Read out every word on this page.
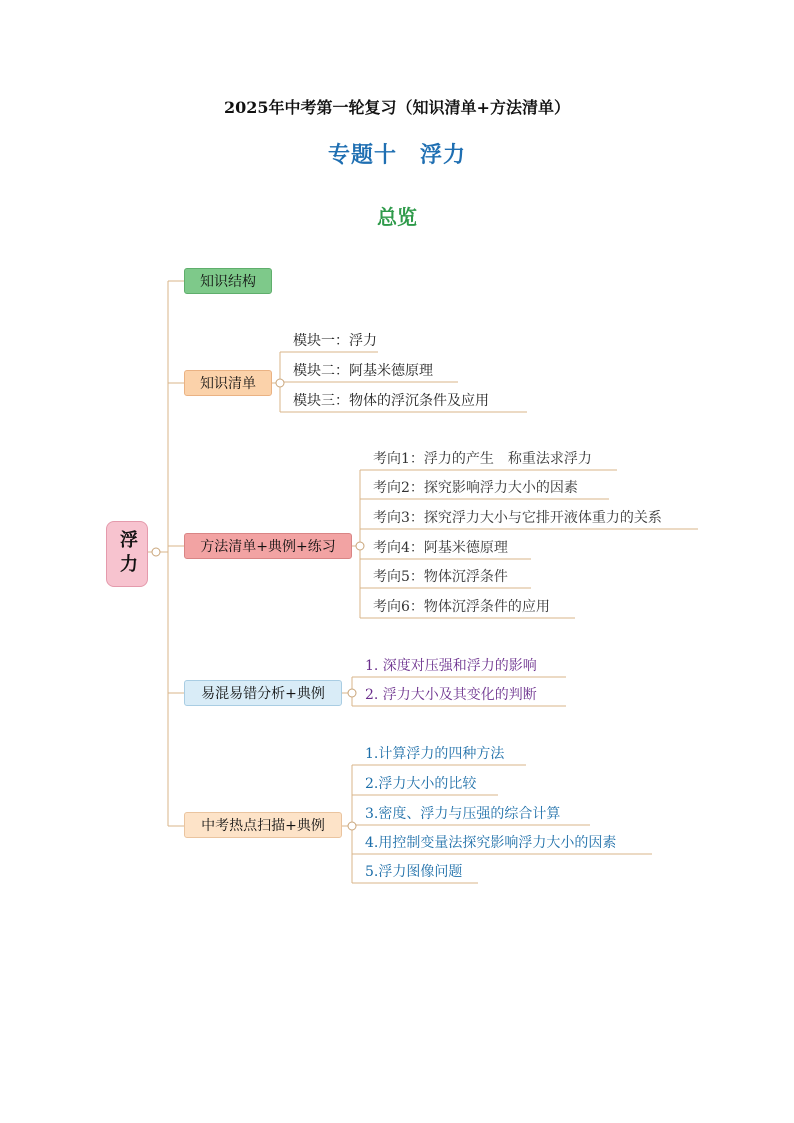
2025年中考第一轮复习（知识清单+方法清单）
专题十　浮力
总览
浮力
知识结构
知识清单
方法清单+典例+练习
易混易错分析+典例
中考热点扫描+典例
模块一：浮力
模块二：阿基米德原理
模块三：物体的浮沉条件及应用
考向1：浮力的产生　称重法求浮力
考向2：探究影响浮力大小的因素
考向3：探究浮力大小与它排开液体重力的关系
考向4：阿基米德原理
考向5：物体沉浮条件
考向6：物体沉浮条件的应用
1. 深度对压强和浮力的影响
2. 浮力大小及其变化的判断
1.计算浮力的四种方法
2.浮力大小的比较
3.密度、浮力与压强的综合计算
4.用控制变量法探究影响浮力大小的因素
5.浮力图像问题
